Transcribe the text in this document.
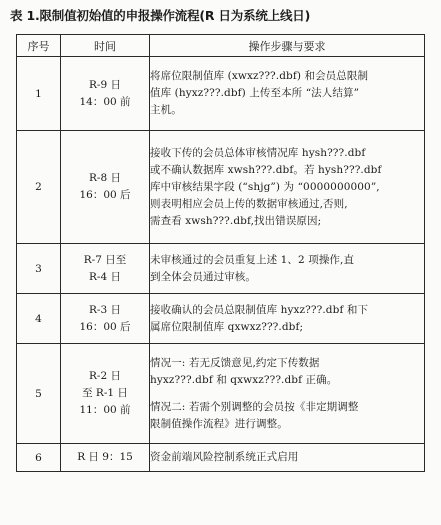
表 1.限制值初始值的申报操作流程(R 日为系统上线日)
序号	时间	操作步骤与要求
1	R-9 日
14：00 前	将席位限制值库 (xwxz???.dbf) 和会员总限制
值库 (hyxz???.dbf) 上传至本所 “法人结算”
主机。

2	R-8 日
16：00 后	接收下传的会员总体审核情况库 hysh???.dbf
或不确认数据库 xwsh???.dbf。若 hysh???.dbf
库中审核结果字段 (“shjg”) 为 “0000000000”,
则表明相应会员上传的数据审核通过,否则,
需查看 xwsh???.dbf,找出错误原因;

3	R-7 日至
R-4 日	未审核通过的会员重复上述 1、2 项操作,直
到全体会员通过审核。

4	R-3 日
16：00 后	接收确认的会员总限制值库 hyxz???.dbf 和下
属席位限制值库 qxwxz???.dbf;

5	R-2 日
至 R-1 日
11：00 前	情况一: 若无反馈意见,约定下传数据
hyxz???.dbf 和 qxwxz???.dbf 正确。
情况二: 若需个别调整的会员按《非定期调整
限制值操作流程》进行调整。

6	R 日 9：15	资金前端风险控制系统正式启用
